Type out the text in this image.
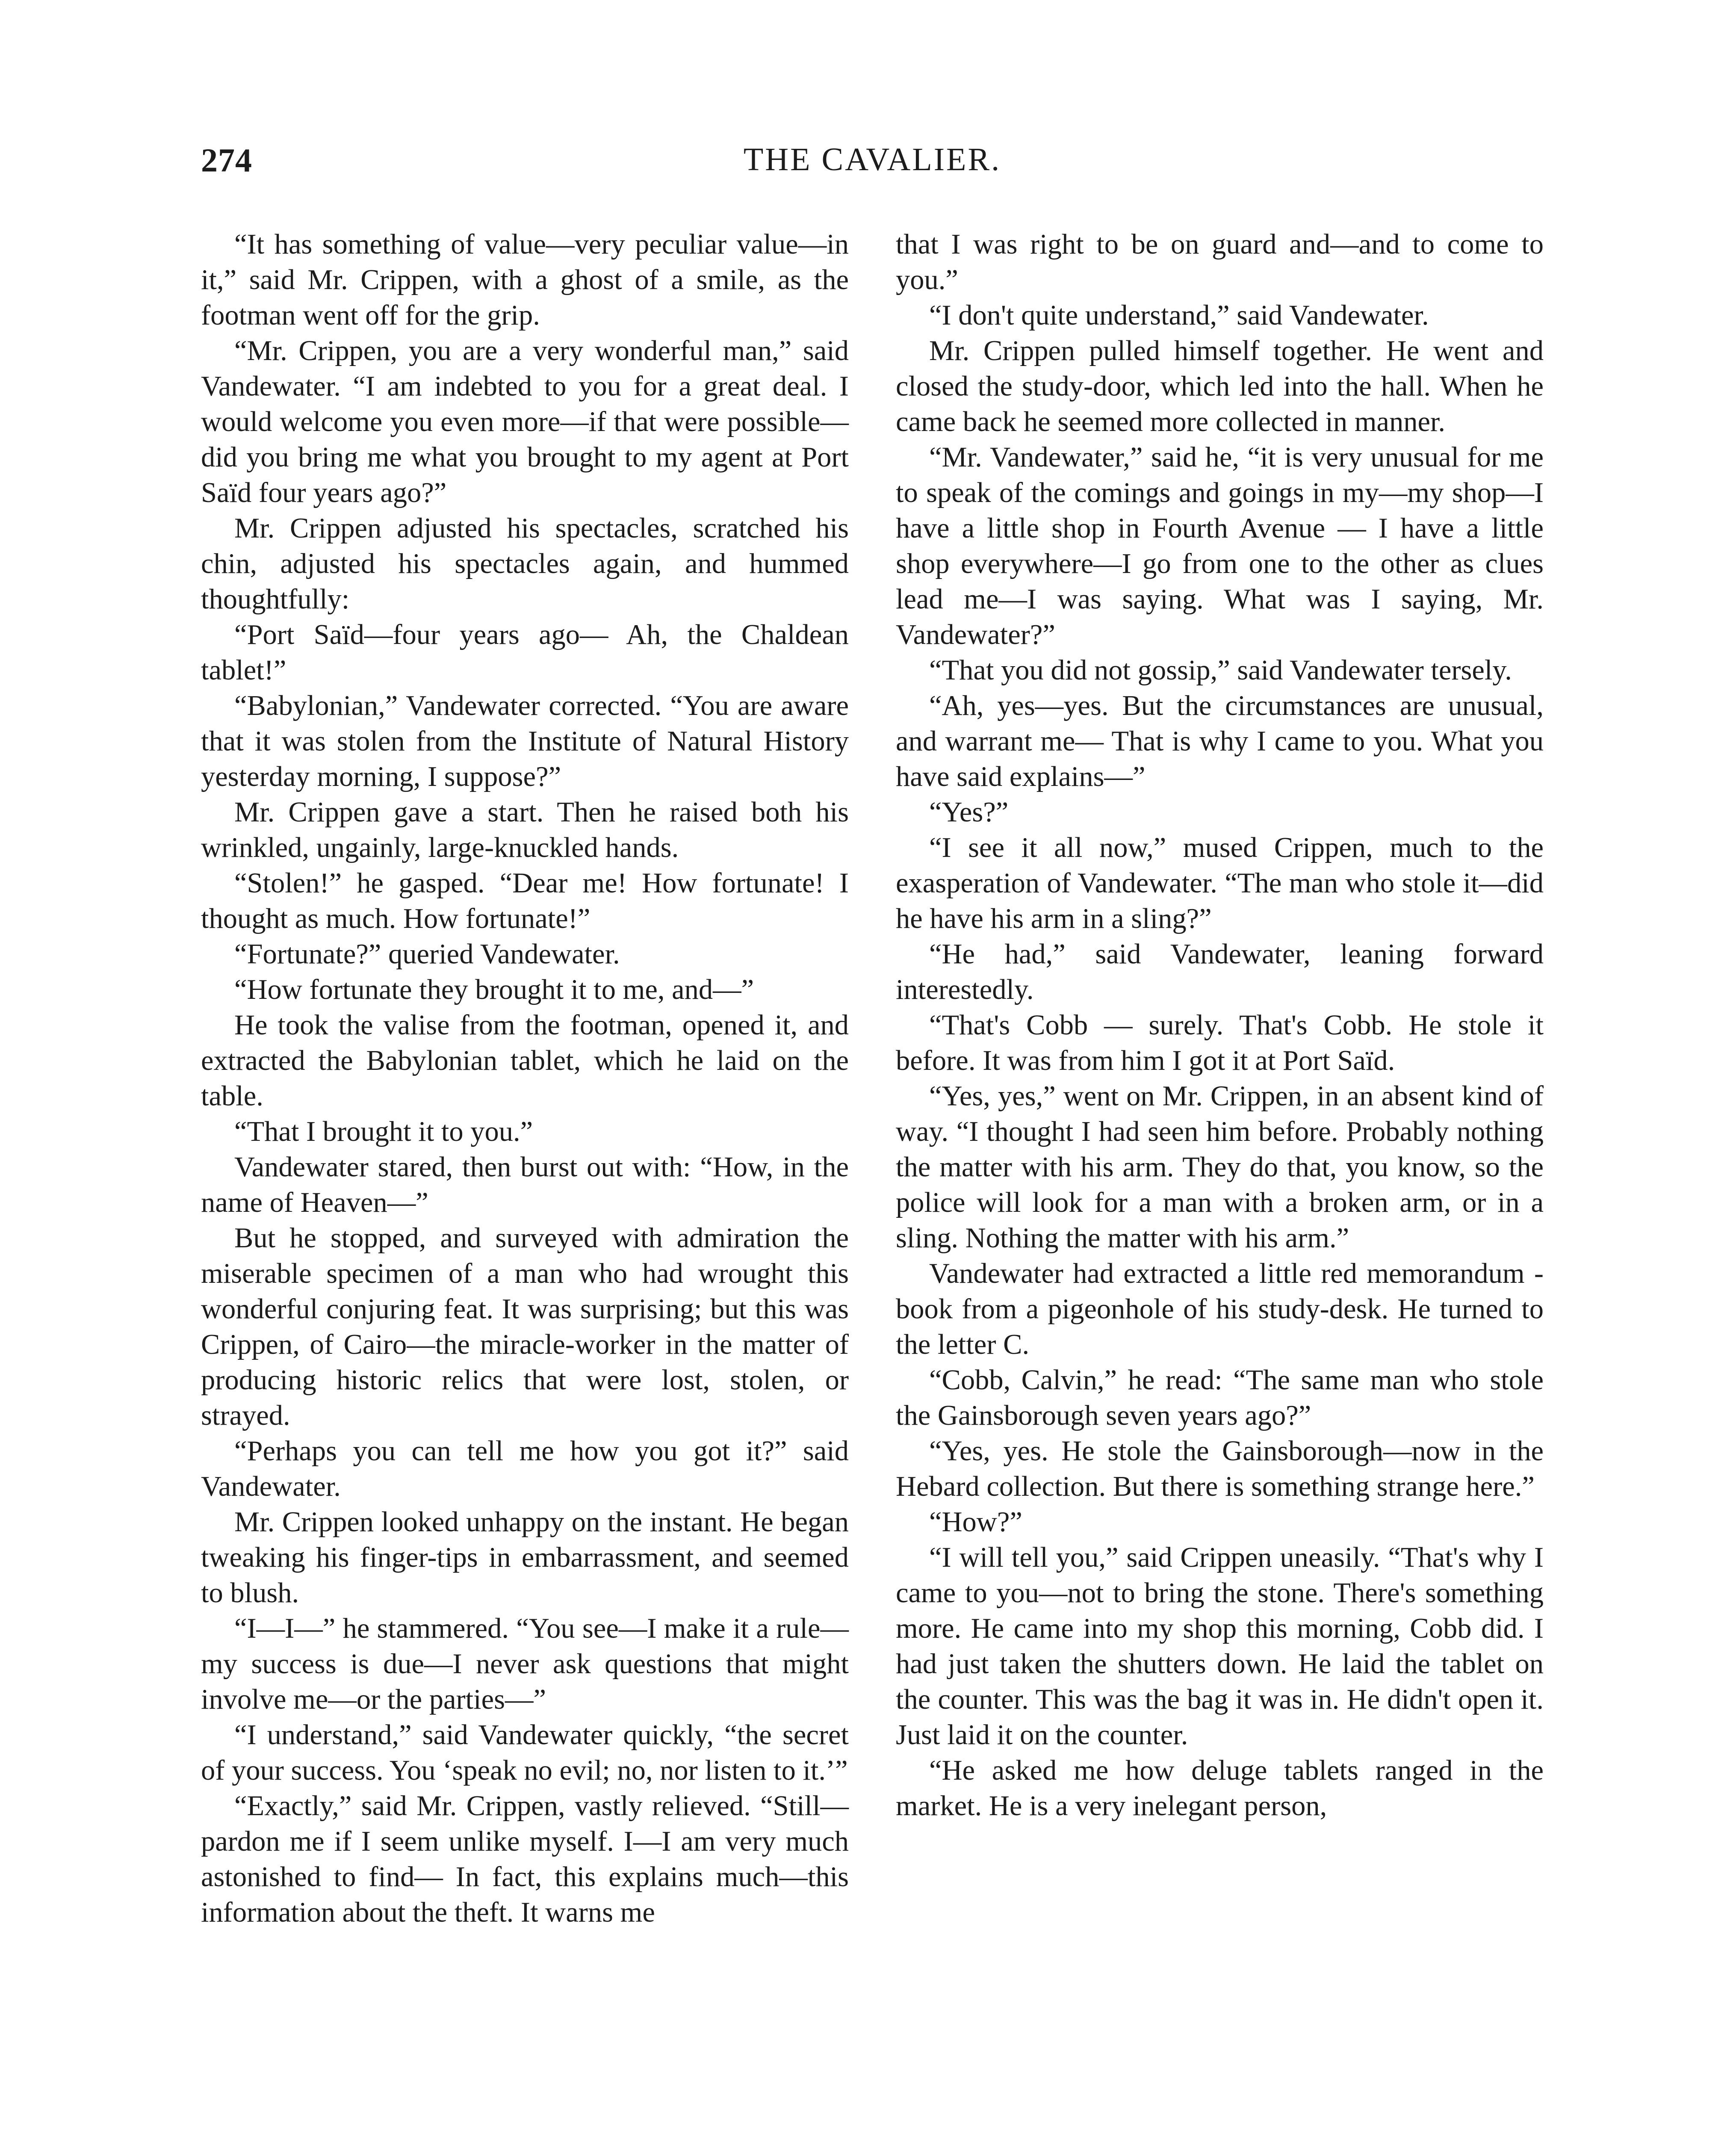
274	THE CAVALIER.

“It has something of value—very peculiar value—in it,” said Mr. Crippen, with a ghost of a smile, as the footman went off for the grip.

“Mr. Crippen, you are a very wonderful man,” said Vandewater. “I am indebted to you for a great deal. I would welcome you even more—if that were possible—did you bring me what you brought to my agent at Port Saïd four years ago?”

Mr. Crippen adjusted his spectacles, scratched his chin, adjusted his spectacles again, and hummed thoughtfully:

“Port Saïd—four years ago— Ah, the Chaldean tablet!”

“Babylonian,” Vandewater corrected. “You are aware that it was stolen from the Institute of Natural History yesterday morning, I suppose?”

Mr. Crippen gave a start. Then he raised both his wrinkled, ungainly, large-knuckled hands.

“Stolen!” he gasped. “Dear me! How fortunate! I thought as much. How fortunate!”

“Fortunate?” queried Vandewater.

“How fortunate they brought it to me, and—”

He took the valise from the footman, opened it, and extracted the Babylonian tablet, which he laid on the table.

“That I brought it to you.”

Vandewater stared, then burst out with: “How, in the name of Heaven—”

But he stopped, and surveyed with admiration the miserable specimen of a man who had wrought this wonderful conjuring feat. It was surprising; but this was Crippen, of Cairo—the miracle-worker in the matter of producing historic relics that were lost, stolen, or strayed.

“Perhaps you can tell me how you got it?” said Vandewater.

Mr. Crippen looked unhappy on the instant. He began tweaking his finger-tips in embarrassment, and seemed to blush.

“I—I—” he stammered. “You see—I make it a rule—my success is due—I never ask questions that might involve me—or the parties—”

“I understand,” said Vandewater quickly, “the secret of your success. You ‘speak no evil; no, nor listen to it.’”

“Exactly,” said Mr. Crippen, vastly relieved. “Still—pardon me if I seem unlike myself. I—I am very much astonished to find— In fact, this explains much—this information about the theft. It warns me

that I was right to be on guard and—and to come to you.”

“I don't quite understand,” said Vandewater.

Mr. Crippen pulled himself together. He went and closed the study-door, which led into the hall. When he came back he seemed more collected in manner.

“Mr. Vandewater,” said he, “it is very unusual for me to speak of the comings and goings in my—my shop—I have a little shop in Fourth Avenue — I have a little shop everywhere—I go from one to the other as clues lead me—I was saying. What was I saying, Mr. Vandewater?”

“That you did not gossip,” said Vandewater tersely.

“Ah, yes—yes. But the circumstances are unusual, and warrant me— That is why I came to you. What you have said explains—”

“Yes?”

“I see it all now,” mused Crippen, much to the exasperation of Vandewater. “The man who stole it—did he have his arm in a sling?”

“He had,” said Vandewater, leaning forward interestedly.

“That's Cobb — surely. That's Cobb. He stole it before. It was from him I got it at Port Saïd.

“Yes, yes,” went on Mr. Crippen, in an absent kind of way. “I thought I had seen him before. Probably nothing the matter with his arm. They do that, you know, so the police will look for a man with a broken arm, or in a sling. Nothing the matter with his arm.”

Vandewater had extracted a little red memorandum - book from a pigeonhole of his study-desk. He turned to the letter C.

“Cobb, Calvin,” he read: “The same man who stole the Gainsborough seven years ago?”

“Yes, yes. He stole the Gainsborough—now in the Hebard collection. But there is something strange here.”

“How?”

“I will tell you,” said Crippen uneasily. “That's why I came to you—not to bring the stone. There's something more. He came into my shop this morning, Cobb did. I had just taken the shutters down. He laid the tablet on the counter. This was the bag it was in. He didn't open it. Just laid it on the counter.

“He asked me how deluge tablets ranged in the market. He is a very inelegant person,
